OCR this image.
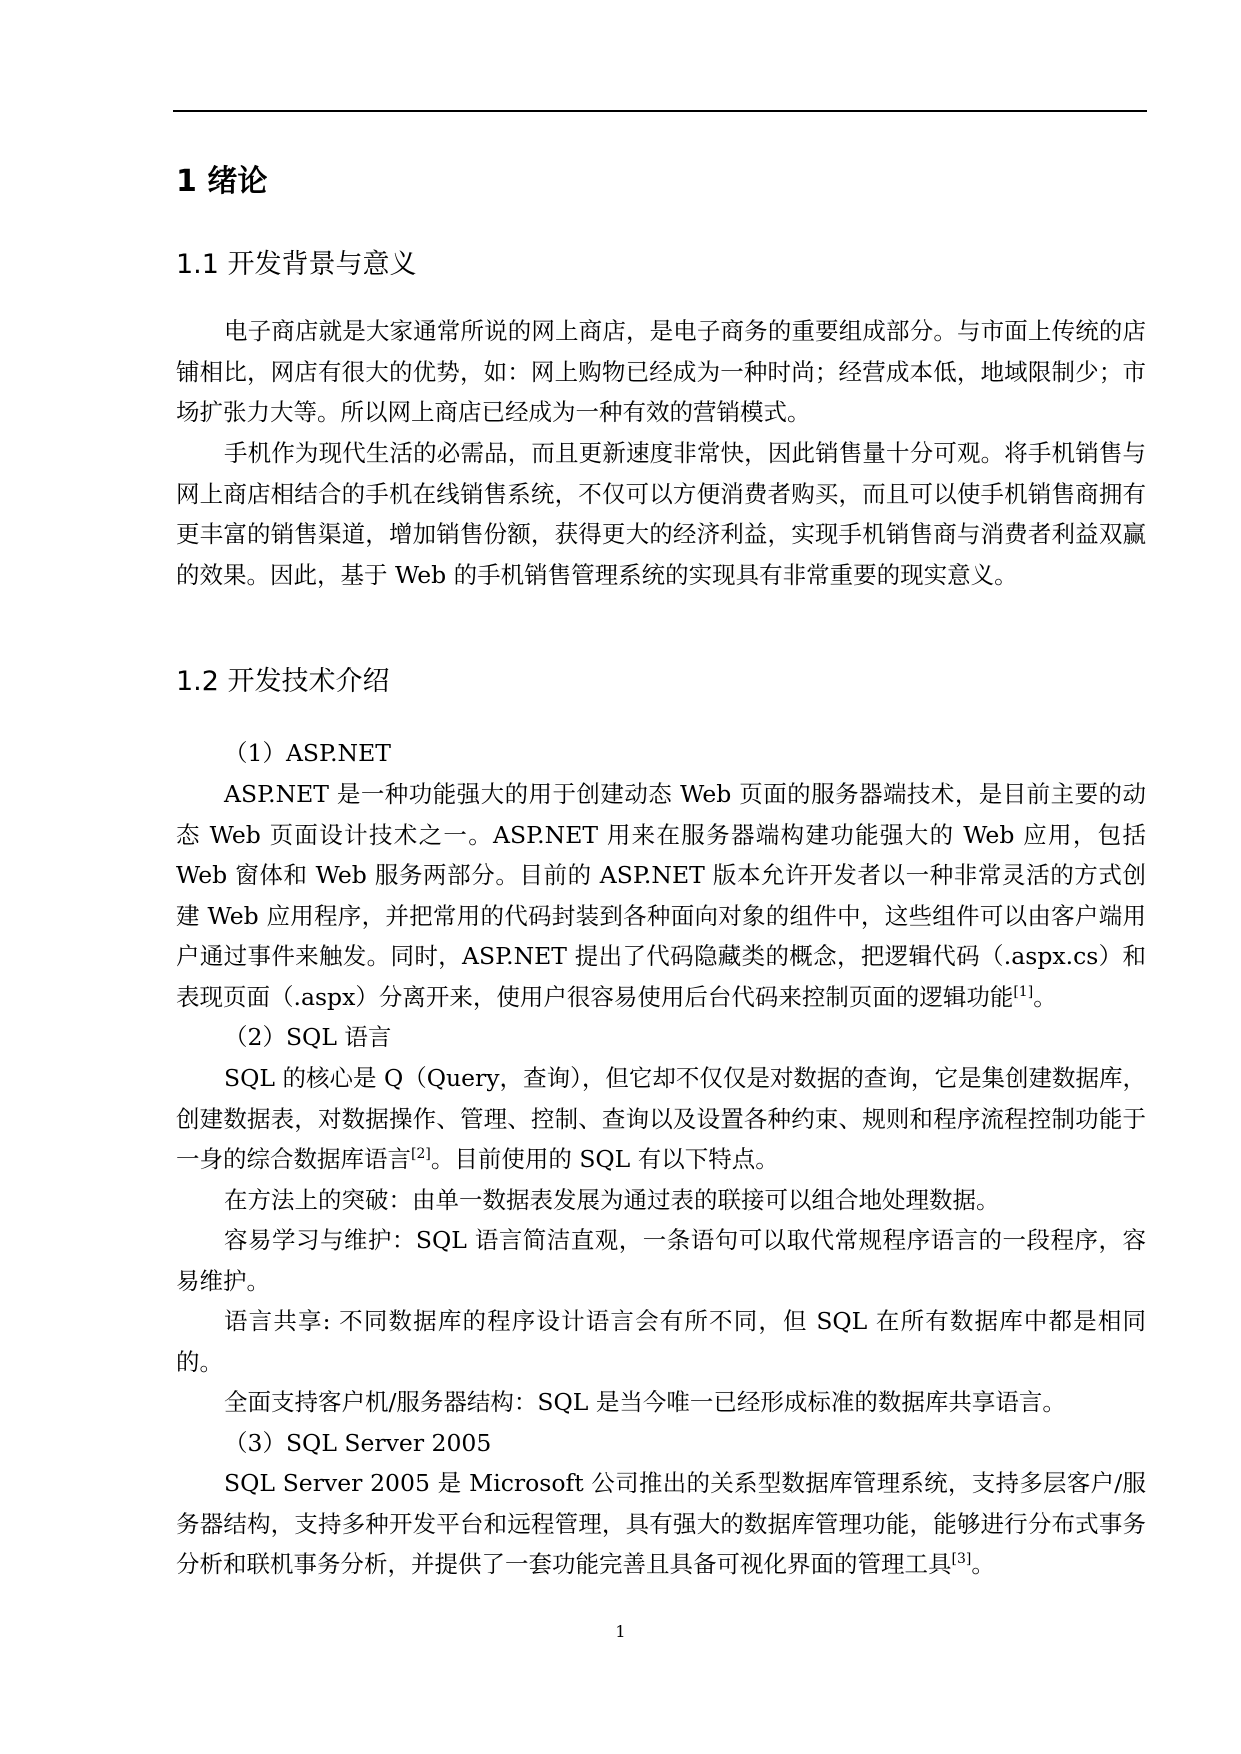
1 绪论
1.1 开发背景与意义

电子商店就是大家通常所说的网上商店，是电子商务的重要组成部分。与市面上传统的店铺相比，网店有很大的优势，如：网上购物已经成为一种时尚；经营成本低，地域限制少；市场扩张力大等。所以网上商店已经成为一种有效的营销模式。

手机作为现代生活的必需品，而且更新速度非常快，因此销售量十分可观。将手机销售与网上商店相结合的手机在线销售系统，不仅可以方便消费者购买，而且可以使手机销售商拥有更丰富的销售渠道，增加销售份额，获得更大的经济利益，实现手机销售商与消费者利益双赢的效果。因此，基于 Web 的手机销售管理系统的实现具有非常重要的现实意义。

1.2 开发技术介绍

（1）ASP.NET

ASP.NET 是一种功能强大的用于创建动态 Web 页面的服务器端技术，是目前主要的动态 Web 页面设计技术之一。ASP.NET 用来在服务器端构建功能强大的 Web 应用，包括 Web 窗体和 Web 服务两部分。目前的 ASP.NET 版本允许开发者以一种非常灵活的方式创建 Web 应用程序，并把常用的代码封装到各种面向对象的组件中，这些组件可以由客户端用户通过事件来触发。同时，ASP.NET 提出了代码隐藏类的概念，把逻辑代码（.aspx.cs）和表现页面（.aspx）分离开来，使用户很容易使用后台代码来控制页面的逻辑功能[1]。

（2）SQL 语言

SQL 的核心是 Q（Query，查询），但它却不仅仅是对数据的查询，它是集创建数据库，创建数据表，对数据操作、管理、控制、查询以及设置各种约束、规则和程序流程控制功能于一身的综合数据库语言[2]。目前使用的 SQL 有以下特点。

在方法上的突破：由单一数据表发展为通过表的联接可以组合地处理数据。

容易学习与维护：SQL 语言简洁直观，一条语句可以取代常规程序语言的一段程序，容易维护。

语言共享: 不同数据库的程序设计语言会有所不同，但 SQL 在所有数据库中都是相同的。

全面支持客户机/服务器结构：SQL 是当今唯一已经形成标准的数据库共享语言。

（3）SQL Server 2005

SQL Server 2005 是 Microsoft 公司推出的关系型数据库管理系统，支持多层客户/服务器结构，支持多种开发平台和远程管理，具有强大的数据库管理功能，能够进行分布式事务分析和联机事务分析，并提供了一套功能完善且具备可视化界面的管理工具[3]。

1
